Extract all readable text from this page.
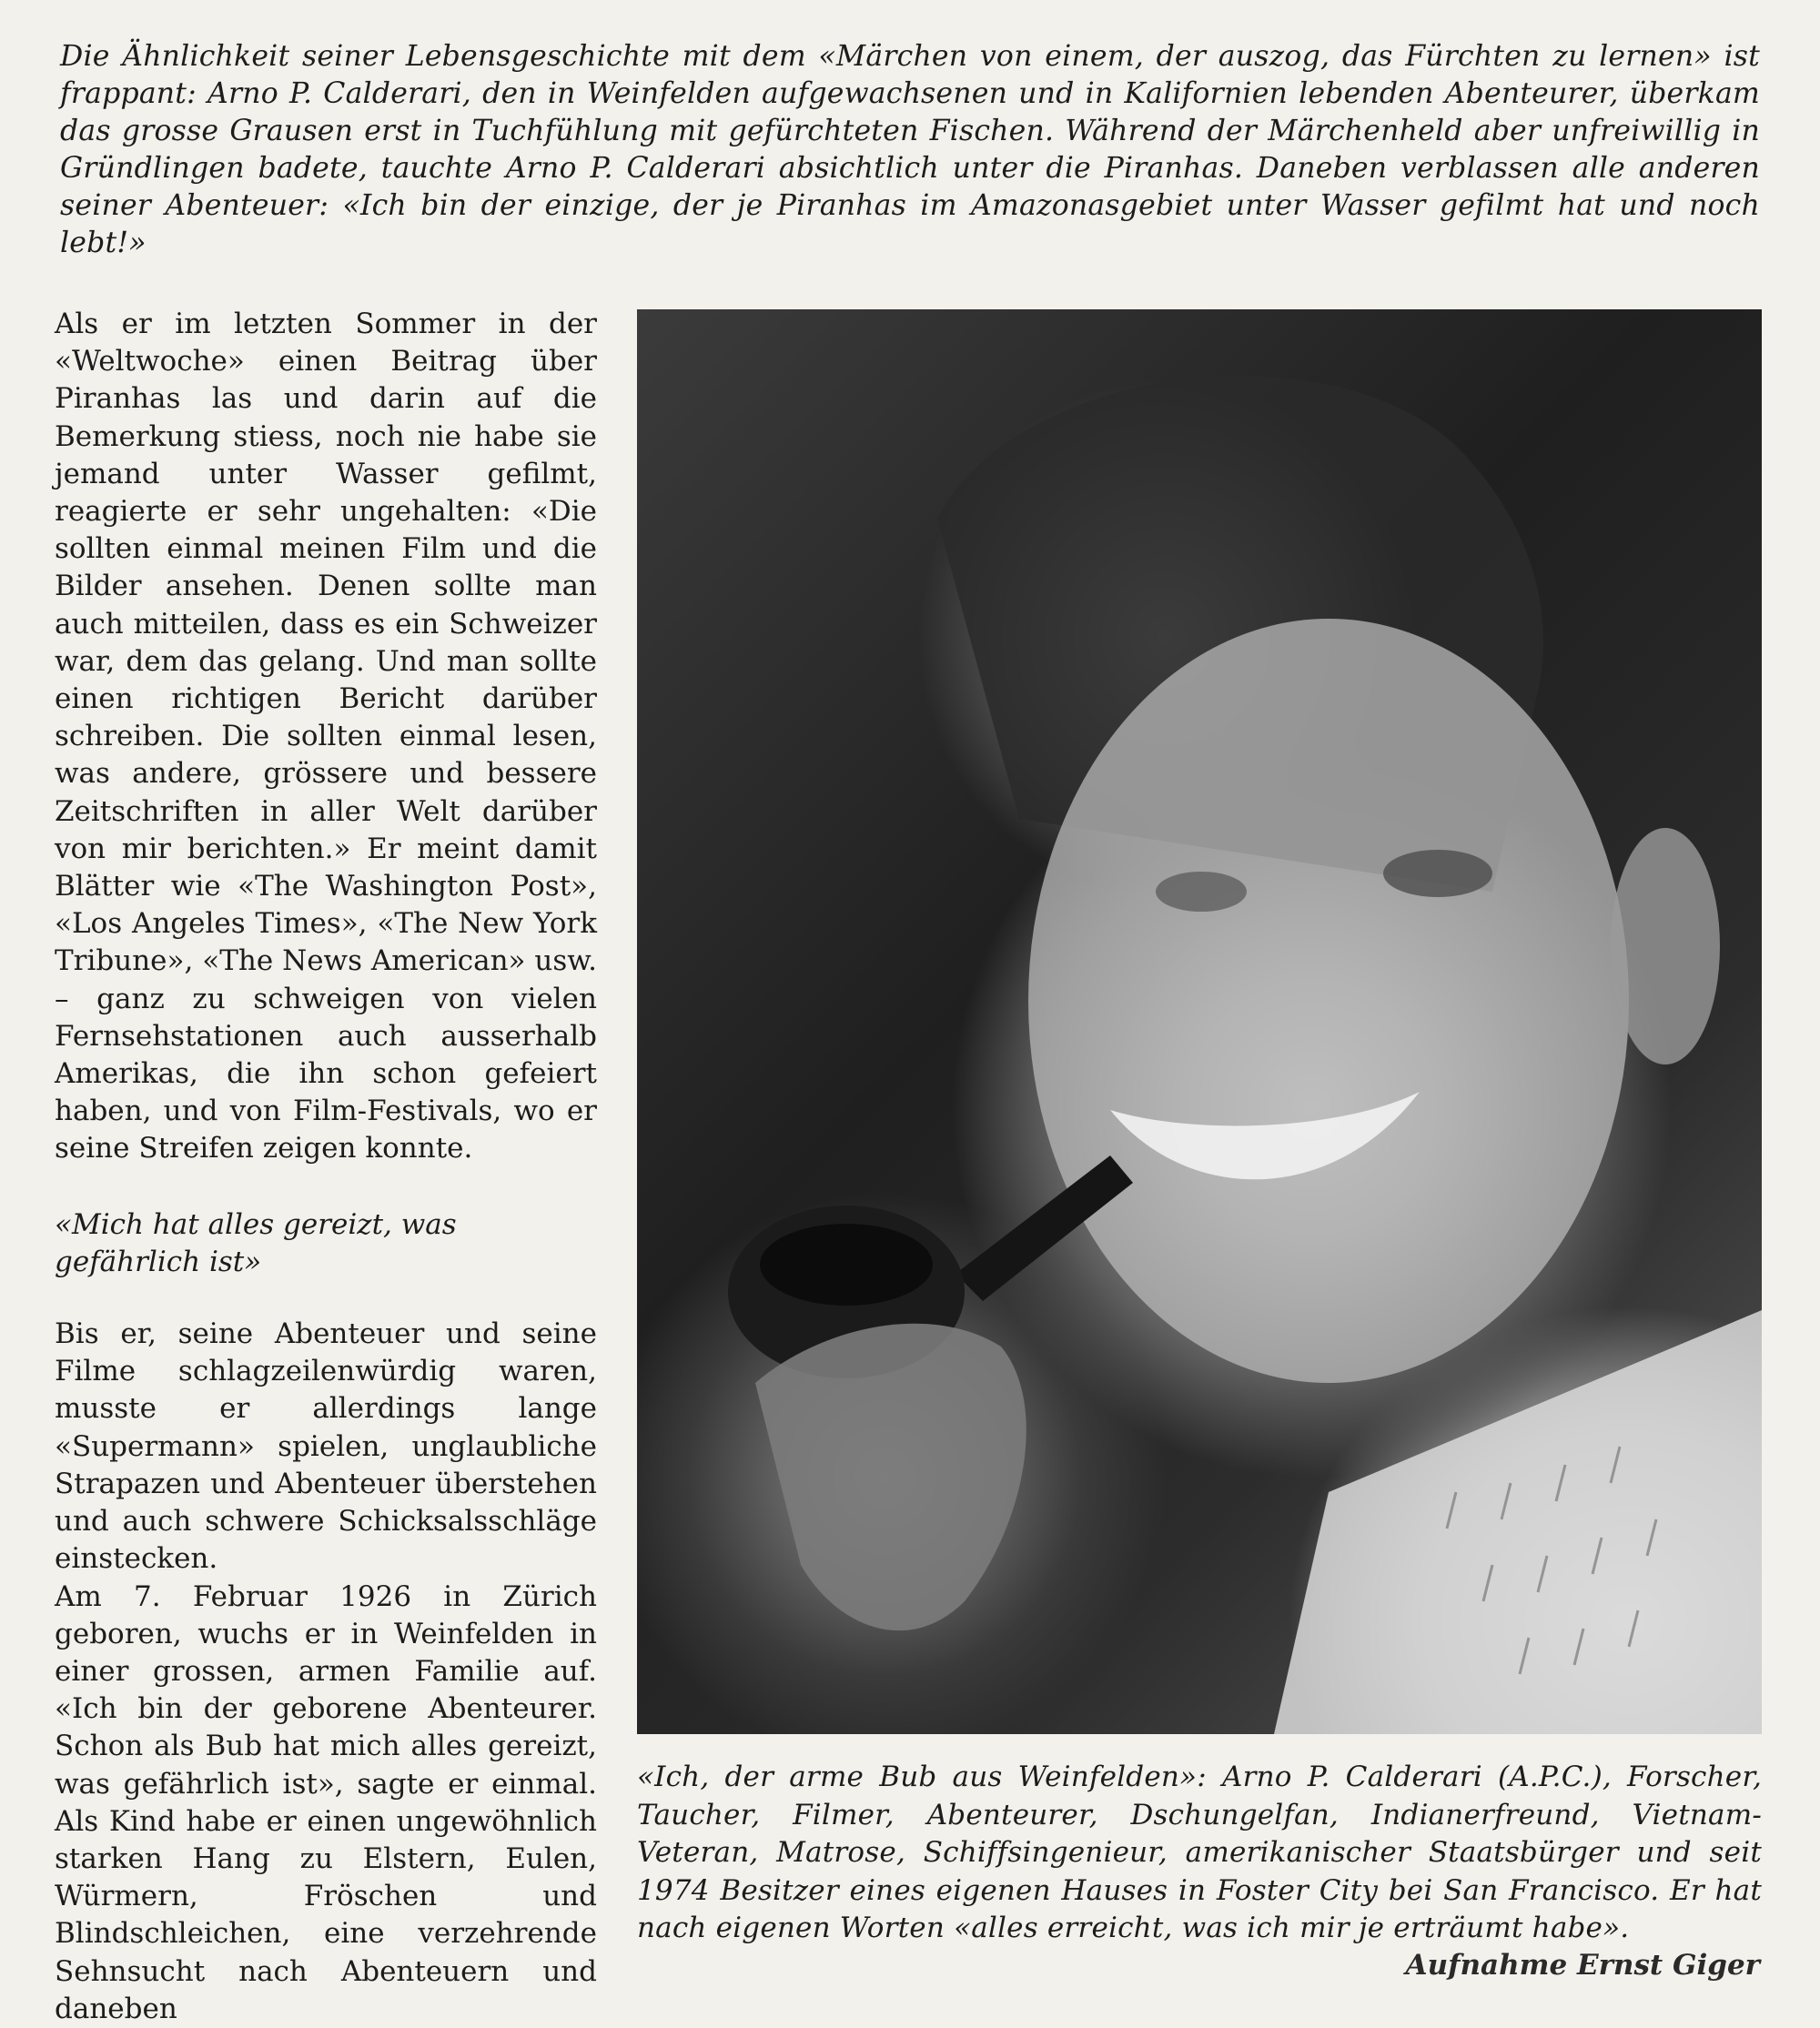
Die Ähnlichkeit seiner Lebensgeschichte mit dem «Märchen von einem, der auszog, das Fürchten zu lernen» ist frappant: Arno P. Calderari, den in Weinfelden aufgewachsenen und in Kalifornien lebenden Abenteurer, überkam das grosse Grausen erst in Tuchfühlung mit gefürchteten Fischen. Während der Märchenheld aber unfreiwillig in Gründlingen badete, tauchte Arno P. Calderari absichtlich unter die Piranhas. Daneben verblassen alle anderen seiner Abenteuer: «Ich bin der einzige, der je Piranhas im Amazonasgebiet unter Wasser gefilmt hat und noch lebt!»

Als er im letzten Sommer in der «Weltwoche» einen Beitrag über Piranhas las und darin auf die Bemerkung stiess, noch nie habe sie jemand unter Wasser gefilmt, reagierte er sehr ungehalten: «Die sollten einmal meinen Film und die Bilder ansehen. Denen sollte man auch mitteilen, dass es ein Schweizer war, dem das gelang. Und man sollte einen richtigen Bericht darüber schreiben. Die sollten einmal lesen, was andere, grössere und bessere Zeitschriften in aller Welt darüber von mir berichten.» Er meint damit Blätter wie «The Washington Post», «Los Angeles Times», «The New York Tribune», «The News American» usw. – ganz zu schweigen von vielen Fernsehstationen auch ausserhalb Amerikas, die ihn schon gefeiert haben, und von Film-Festivals, wo er seine Streifen zeigen konnte.

«Mich hat alles gereizt, was gefährlich ist»

Bis er, seine Abenteuer und seine Filme schlagzeilenwürdig waren, musste er allerdings lange «Supermann» spielen, unglaubliche Strapazen und Abenteuer überstehen und auch schwere Schicksalsschläge einstecken.

Am 7. Februar 1926 in Zürich geboren, wuchs er in Weinfelden in einer grossen, armen Familie auf. «Ich bin der geborene Abenteurer. Schon als Bub hat mich alles gereizt, was gefährlich ist», sagte er einmal. Als Kind habe er einen ungewöhnlich starken Hang zu Elstern, Eulen, Würmern, Fröschen und Blindschleichen, eine verzehrende Sehnsucht nach Abenteuern und daneben

«Ich, der arme Bub aus Weinfelden»: Arno P. Calderari (A.P.C.), Forscher, Taucher, Filmer, Abenteurer, Dschungelfan, Indianerfreund, Vietnam-Veteran, Matrose, Schiffsingenieur, amerikanischer Staatsbürger und seit 1974 Besitzer eines eigenen Hauses in Foster City bei San Francisco. Er hat nach eigenen Worten «alles erreicht, was ich mir je erträumt habe».

Aufnahme Ernst Giger
